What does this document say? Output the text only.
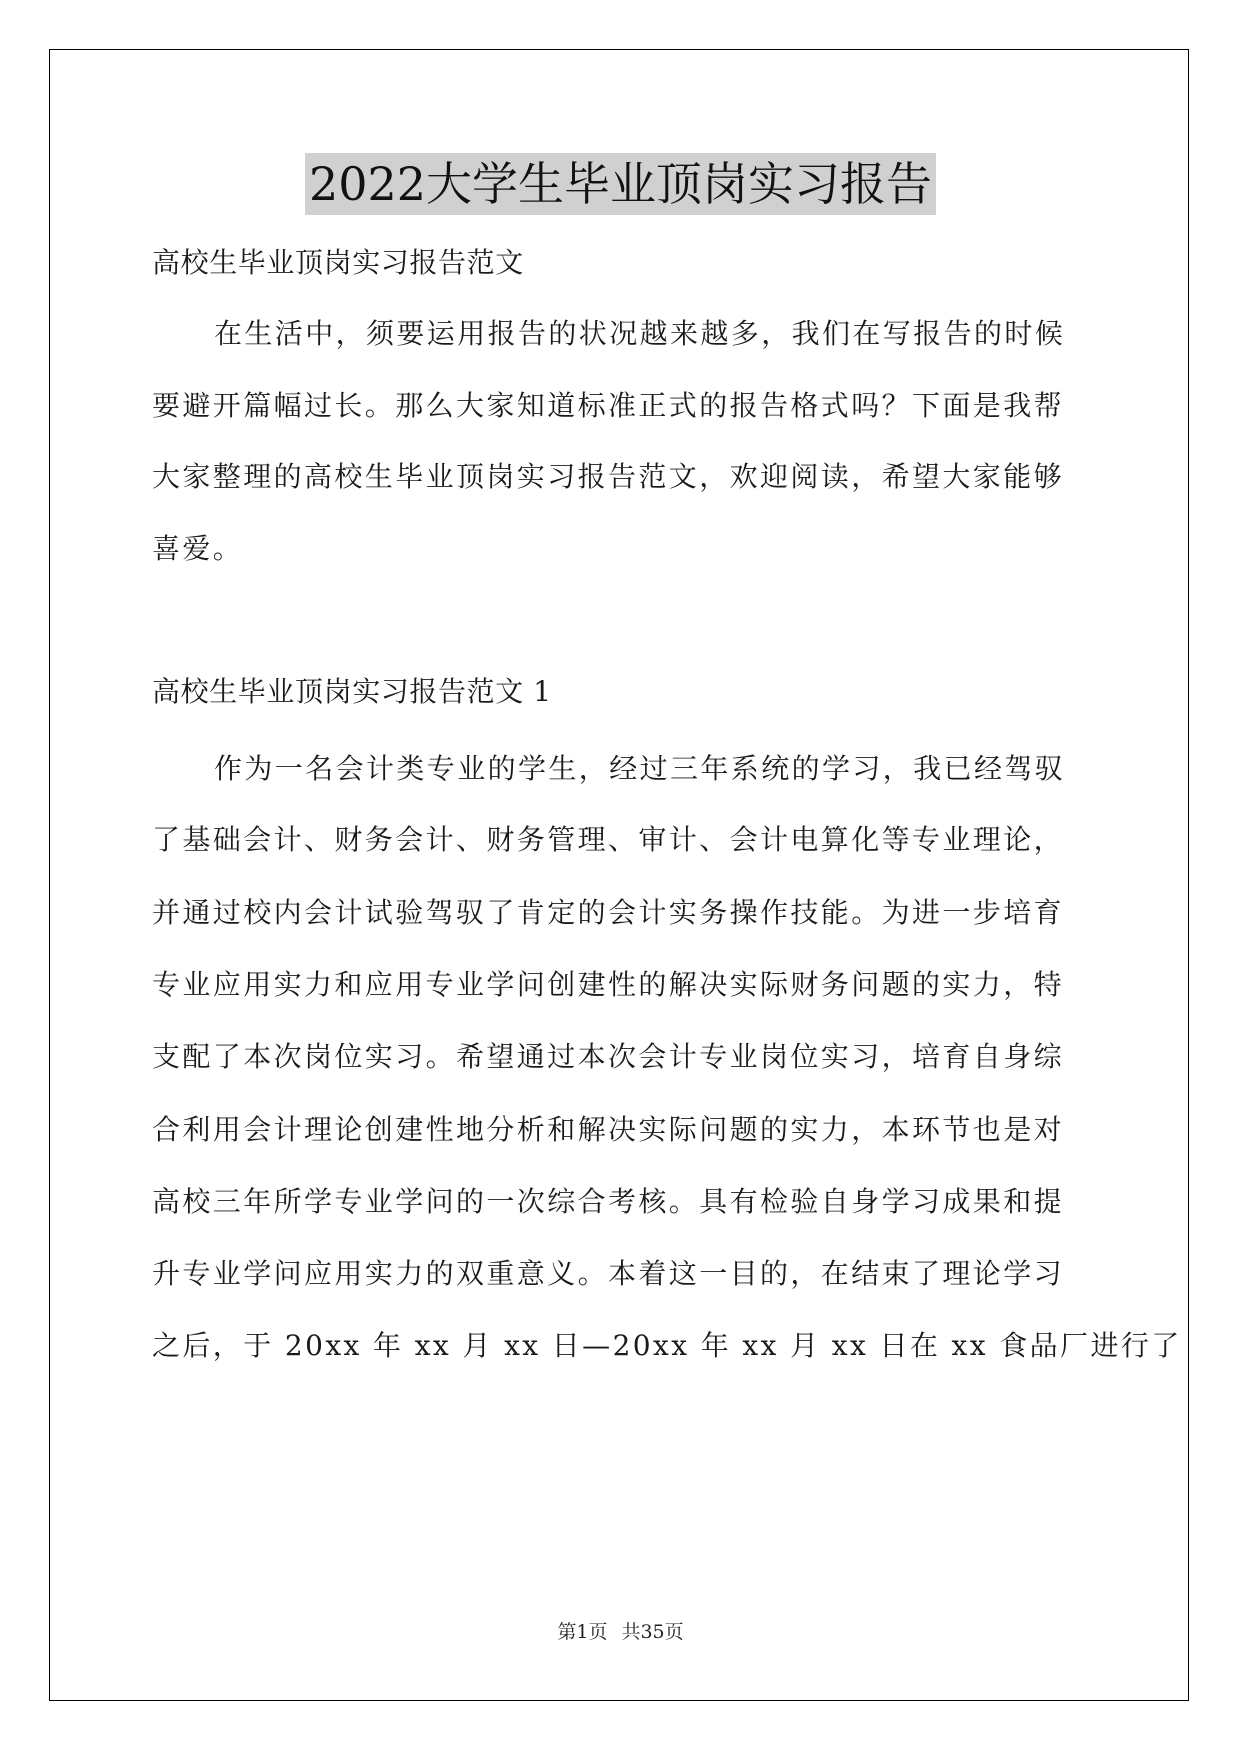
2022大学生毕业顶岗实习报告
高校生毕业顶岗实习报告范文
在生活中，须要运用报告的状况越来越多，我们在写报告的时候
要避开篇幅过长。那么大家知道标准正式的报告格式吗？下面是我帮
大家整理的高校生毕业顶岗实习报告范文，欢迎阅读，希望大家能够
喜爱。
高校生毕业顶岗实习报告范文 1
作为一名会计类专业的学生，经过三年系统的学习，我已经驾驭
了基础会计、财务会计、财务管理、审计、会计电算化等专业理论，
并通过校内会计试验驾驭了肯定的会计实务操作技能。为进一步培育
专业应用实力和应用专业学问创建性的解决实际财务问题的实力，特
支配了本次岗位实习。希望通过本次会计专业岗位实习，培育自身综
合利用会计理论创建性地分析和解决实际问题的实力，本环节也是对
高校三年所学专业学问的一次综合考核。具有检验自身学习成果和提
升专业学问应用实力的双重意义。本着这一目的，在结束了理论学习
之后，于 20xx 年 xx 月 xx 日—20xx 年 xx 月 xx 日在 xx 食品厂进行了
第1页 共35页
